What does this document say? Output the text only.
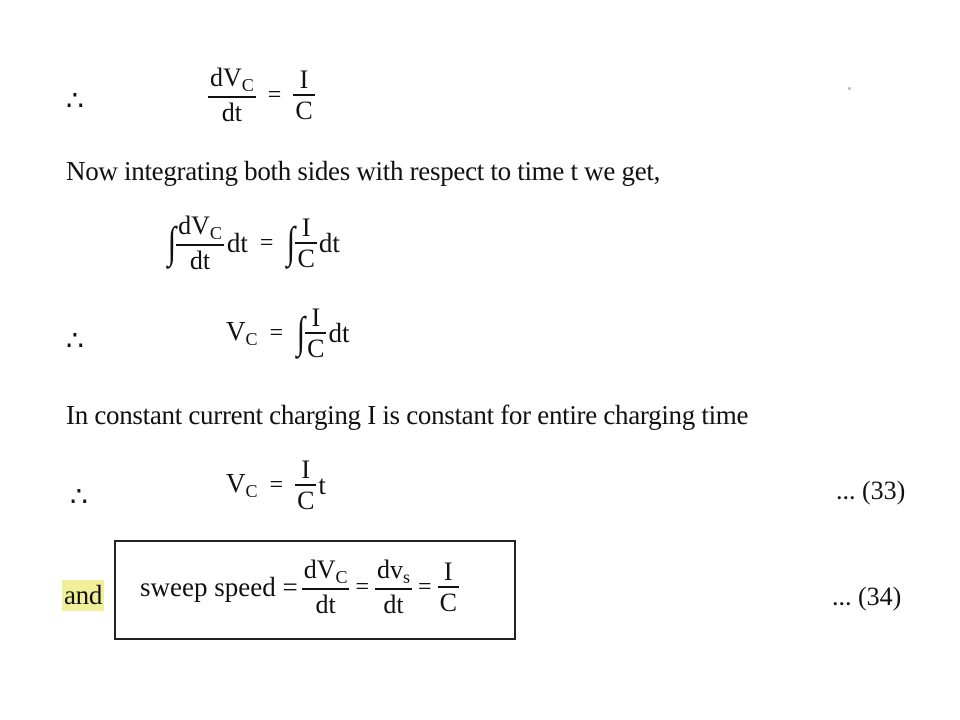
∴	$\frac{dV_C}{dt} = \frac{I}{C}$
Now integrating both sides with respect to time t we get,
∫ $\frac{dV_C}{dt}$ dt = ∫ $\frac{I}{C}$ dt
∴	$V_C$ = ∫ $\frac{I}{C}$ dt
In constant current charging I is constant for entire charging time
∴	$V_C = \frac{I}{C}$ t	... (33)
and sweep speed = $\frac{dV_C}{dt} = \frac{dv_s}{dt} = \frac{I}{C}$	... (34)
